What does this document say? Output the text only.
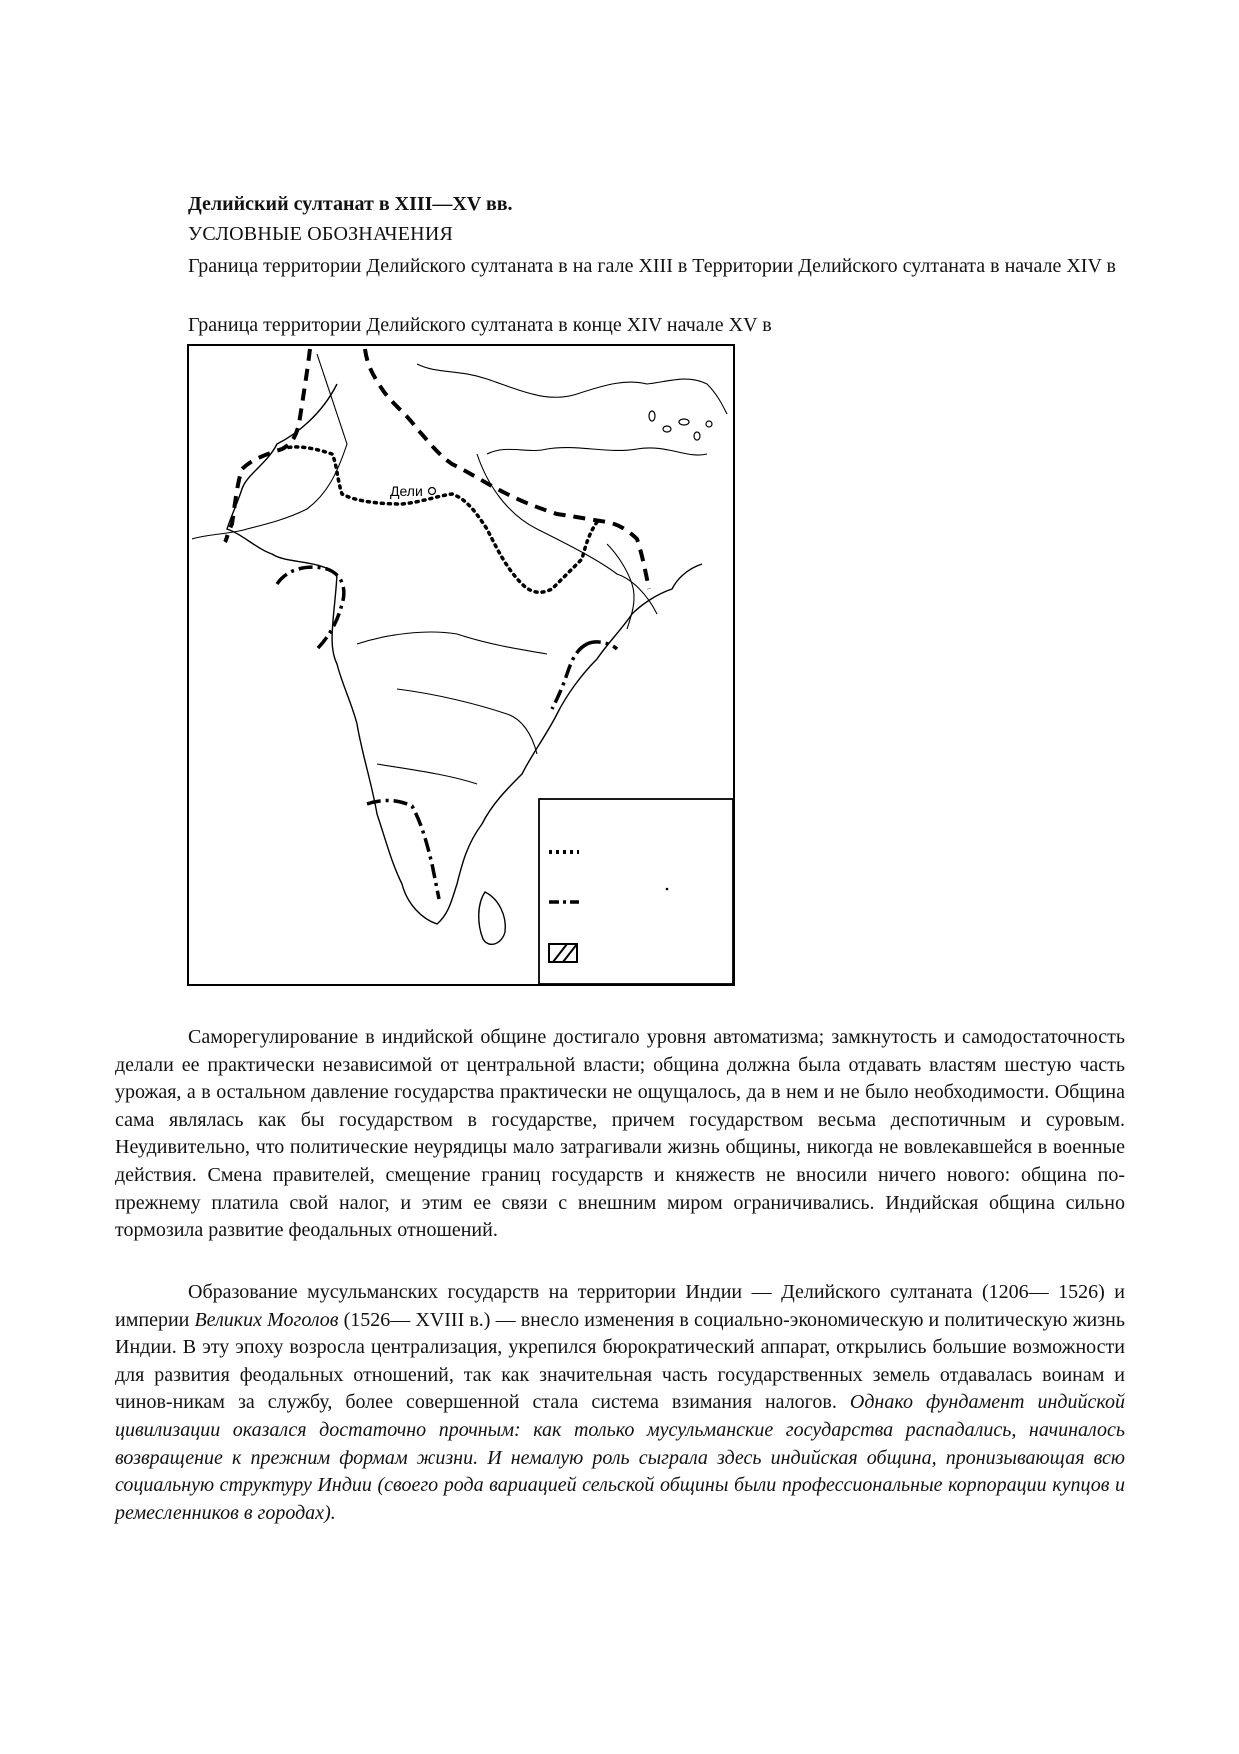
Делийский султанат в XIII—XV вв.
УСЛОВНЫЕ ОБОЗНАЧЕНИЯ
Граница территории Делийского султаната в на гале XIII в Территории Делийского султаната в начале XIV в
Граница территории Делийского султаната в конце XIV начале XV в
Дели
Саморегулирование в индийской общине достигало уровня автоматизма; замкнутость и самодостаточность делали ее практически независимой от центральной власти; община должна была отдавать властям шестую часть урожая, а в остальном давление государства практически не ощущалось, да в нем и не было необходимости. Община сама являлась как бы государством в государстве, причем государством весьма деспотичным и суровым. Неудивительно, что политические неурядицы мало затрагивали жизнь общины, никогда не вовлекавшейся в военные действия. Смена правителей, смещение границ государств и княжеств не вносили ничего нового: община по-прежнему платила свой налог, и этим ее связи с внешним миром ограничивались. Индийская община сильно тормозила развитие феодальных отношений.
Образование мусульманских государств на территории Индии — Делийского султаната (1206— 1526) и империи Великих Моголов (1526— XVIII в.) — внесло изменения в социально-экономическую и политическую жизнь Индии. В эту эпоху возросла централизация, укрепился бюрократический аппарат, открылись большие возможности для развития феодальных отношений, так как значительная часть государственных земель отдавалась воинам и чинов-никам за службу, более совершенной стала система взимания налогов. Однако фундамент индийской цивилизации оказался достаточно прочным: как только мусульманские государства распадались, начиналось возвращение к прежним формам жизни. И немалую роль сыграла здесь индийская община, пронизывающая всю социальную структуру Индии (своего рода вариацией сельской общины были профессиональные корпорации купцов и ремесленников в городах).
